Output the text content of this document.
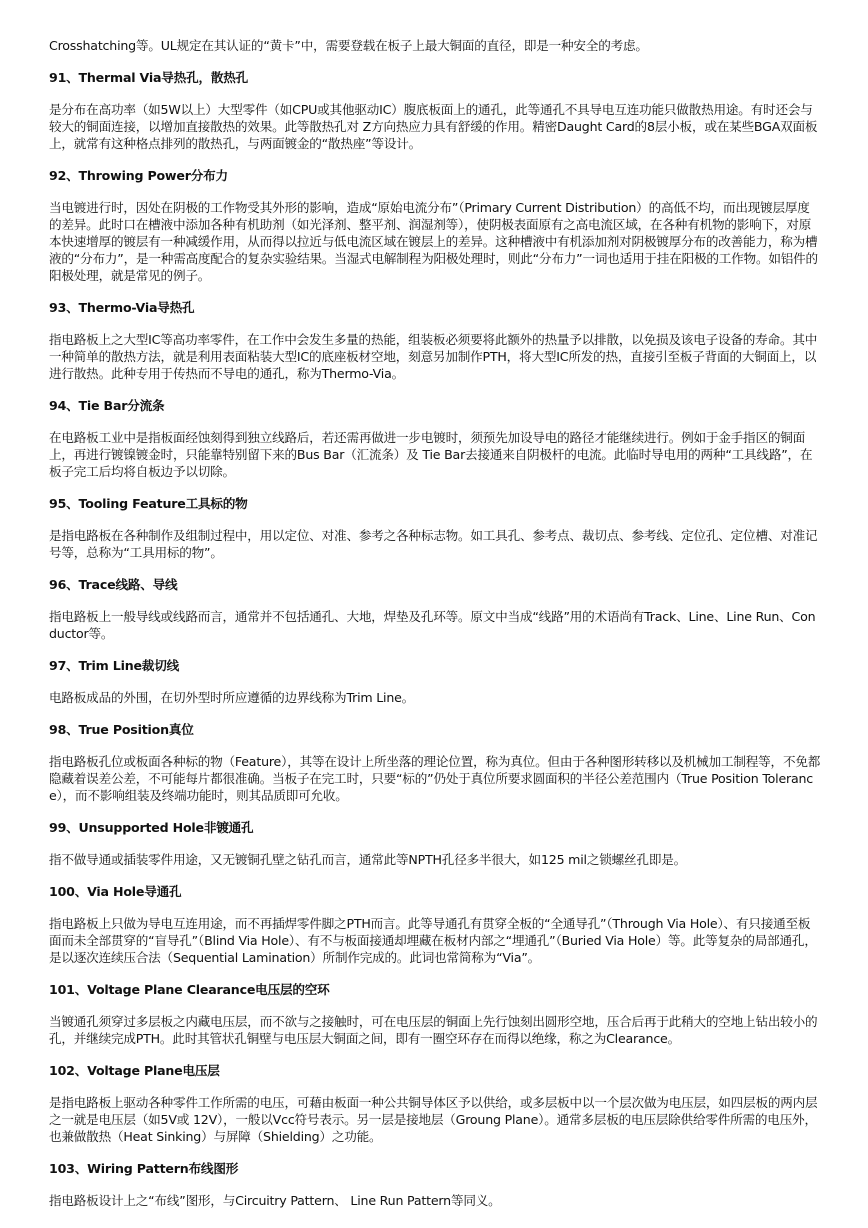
Crosshatching等。UL规定在其认证的“黄卡”中，需要登载在板子上最大铜面的直径，即是一种安全的考虑。

91、Thermal Via导热孔，散热孔

是分布在高功率（如5W以上）大型零件（如CPU或其他驱动IC）腹底板面上的通孔，此等通孔不具导电互连功能只做散热用途。有时还会与较大的铜面连接，以增加直接散热的效果。此等散热孔对 Z方向热应力具有舒缓的作用。精密Daught Card的8层小板，或在某些BGA双面板上，就常有这种格点排列的散热孔，与两面镀金的“散热座”等设计。

92、Throwing Power分布力

当电镀进行时，因处在阴极的工作物受其外形的影响，造成“原始电流分布”（Primary Current Distribution）的高低不均，而出现镀层厚度的差异。此时口在槽液中添加各种有机助剂（如光泽剂、整平剂、润湿剂等），使阴极表面原有之高电流区域，在各种有机物的影响下，对原本快速增厚的镀层有一种减缓作用，从而得以拉近与低电流区域在镀层上的差异。这种槽液中有机添加剂对阴极镀厚分布的改善能力，称为槽液的“分布力”，是一种需高度配合的复杂实验结果。当湿式电解制程为阳极处理时，则此“分布力”一词也适用于挂在阳极的工作物。如铝件的阳极处理，就是常见的例子。

93、Thermo-Via导热孔

指电路板上之大型IC等高功率零件，在工作中会发生多量的热能，组装板必须要将此额外的热量予以排散，以免损及该电子设备的寿命。其中一种简单的散热方法，就是利用表面粘装大型IC的底座板材空地，刻意另加制作PTH，将大型IC所发的热，直接引至板子背面的大铜面上，以进行散热。此种专用于传热而不导电的通孔，称为Thermo-Via。

94、Tie Bar分流条

在电路板工业中是指板面经蚀刻得到独立线路后，若还需再做进一步电镀时，须预先加设导电的路径才能继续进行。例如于金手指区的铜面上，再进行镀镍镀金时，只能靠特别留下来的Bus Bar（汇流条）及 Tie Bar去接通来自阴极杆的电流。此临时导电用的两种“工具线路”，在板子完工后均将自板边予以切除。

95、Tooling Feature工具标的物

是指电路板在各种制作及组制过程中，用以定位、对准、参考之各种标志物。如工具孔、参考点、裁切点、参考线、定位孔、定位槽、对准记号等，总称为“工具用标的物”。

96、Trace线路、导线

指电路板上一般导线或线路而言，通常并不包括通孔、大地，焊垫及孔环等。原文中当成“线路”用的术语尚有Track、Line、Line Run、Conductor等。

97、Trim Line裁切线

电路板成品的外围，在切外型时所应遵循的边界线称为Trim Line。

98、True Position真位

指电路板孔位或板面各种标的物（Feature），其等在设计上所坐落的理论位置，称为真位。但由于各种图形转移以及机械加工制程等，不免都隐藏着误差公差，不可能每片都很准确。当板子在完工时，只要“标的”仍处于真位所要求圆面积的半径公差范围内（True Position Tolerance），而不影响组装及终端功能时，则其品质即可允收。

99、Unsupported Hole非镀通孔

指不做导通或插装零件用途，又无镀铜孔壁之钻孔而言，通常此等NPTH孔径多半很大，如125 mil之锁螺丝孔即是。

100、Via Hole导通孔

指电路板上只做为导电互连用途，而不再插焊零件脚之PTH而言。此等导通孔有贯穿全板的“全通导孔”（Through Via Hole）、有只接通至板面而未全部贯穿的“盲导孔”（Blind Via Hole）、有不与板面接通却埋藏在板材内部之“埋通孔”（Buried Via Hole）等。此等复杂的局部通孔，是以逐次连续压合法（Sequential Lamination）所制作完成的。此词也常简称为“Via”。

101、Voltage Plane Clearance电压层的空环

当镀通孔须穿过多层板之内藏电压层，而不欲与之接触时，可在电压层的铜面上先行蚀刻出圆形空地，压合后再于此稍大的空地上钻出较小的孔，并继续完成PTH。此时其管状孔铜壁与电压层大铜面之间，即有一圈空环存在而得以绝缘，称之为Clearance。

102、Voltage Plane电压层

是指电路板上驱动各种零件工作所需的电压，可藉由板面一种公共铜导体区予以供给，或多层板中以一个层次做为电压层，如四层板的两内层之一就是电压层（如5V或 12V），一般以Vcc符号表示。另一层是接地层（Groung Plane）。通常多层板的电压层除供给零件所需的电压外，也兼做散热（Heat Sinking）与屏障（Shielding）之功能。

103、Wiring Pattern布线图形

指电路板设计上之“布线”图形，与Circuitry Pattern、 Line Run Pattern等同义。
